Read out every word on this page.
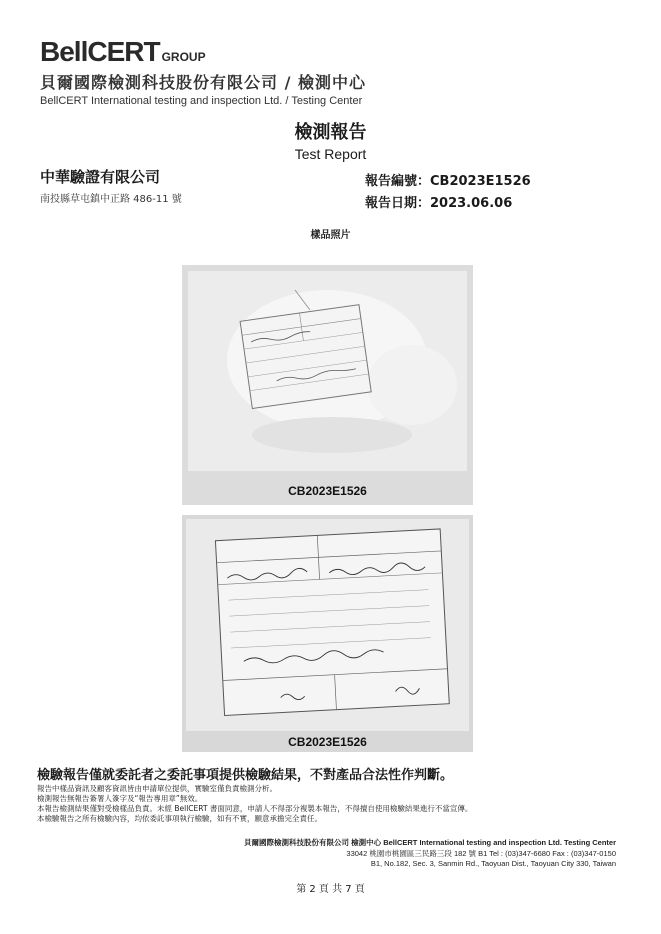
BellCERT GROUP
貝爾國際檢測科技股份有限公司 / 檢測中心
BellCERT International testing and inspection Ltd. / Testing Center
檢測報告
Test Report
中華驗證有限公司
南投縣草屯鎮中正路 486-11 號
報告編號：CB2023E1526
報告日期：2023.06.06
樣品照片
CB2023E1526
CB2023E1526
檢驗報告僅就委託者之委託事項提供檢驗結果，不對產品合法性作判斷。
報告中樣品資訊及顧客資訊皆由申請單位提供，實驗室僅負責檢測分析。
檢測報告無報告簽署人簽字及“報告專用章”無效。
本報告檢測結果僅對受檢樣品負責。未經 BellCERT 書面同意，申請人不得部分複製本報告，不得擅自使用檢驗結果進行不當宣傳。
本檢驗報告之所有檢驗內容，均依委託事項執行檢驗，如有不實，願意承擔完全責任。
貝爾國際檢測科技股份有限公司 檢測中心 BellCERT International testing and inspection Ltd. Testing Center
33042 桃園市桃園區三民路三段 182 號 B1 Tel : (03)347-6680 Fax : (03)347-0150
B1, No.182, Sec. 3, Sanmin Rd., Taoyuan Dist., Taoyuan City 330, Taiwan
第 2 頁 共 7 頁
